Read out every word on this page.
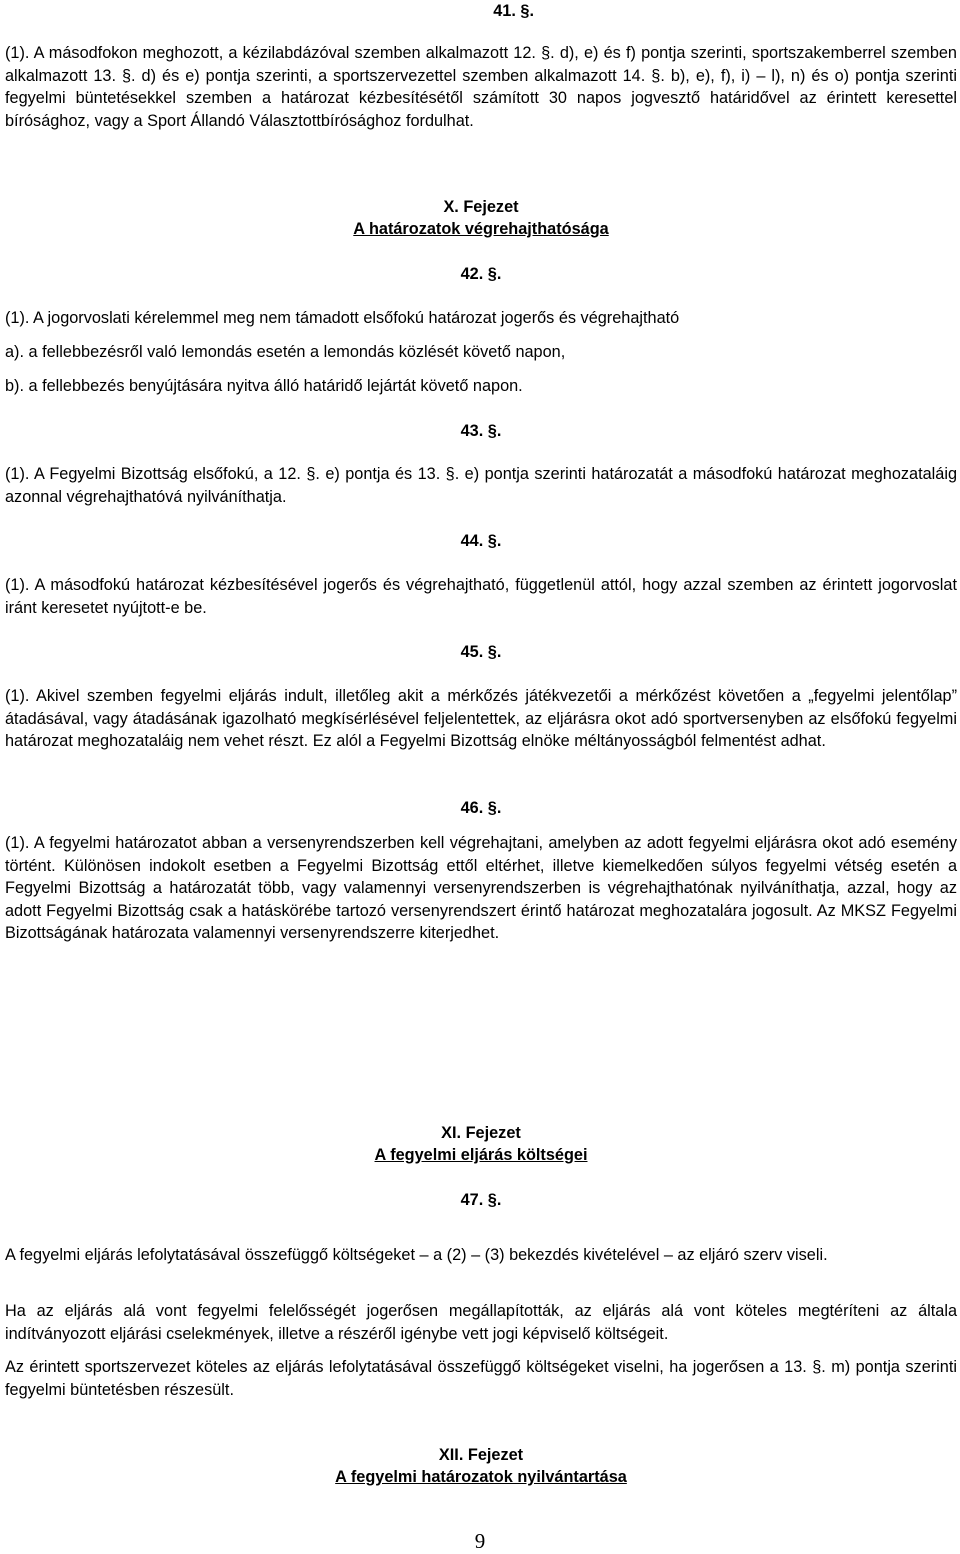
41. §.

(1). A másodfokon meghozott, a kézilabdázóval szemben alkalmazott 12. §. d), e) és f) pontja szerinti, sportszakemberrel szemben alkalmazott 13. §. d) és e) pontja szerinti, a sportszervezettel szemben alkalmazott 14. §. b), e), f), i) – l), n) és o) pontja szerinti fegyelmi büntetésekkel szemben a határozat kézbesítésétől számított 30 napos jogvesztő határidővel az érintett keresettel bírósághoz, vagy a Sport Állandó Választottbírósághoz fordulhat.

X. Fejezet

A határozatok végrehajthatósága

42. §.

(1). A jogorvoslati kérelemmel meg nem támadott elsőfokú határozat jogerős és végrehajtható

a). a fellebbezésről való lemondás esetén a lemondás közlését követő napon,

b). a fellebbezés benyújtására nyitva álló határidő lejártát követő napon.

43. §.

(1). A Fegyelmi Bizottság elsőfokú, a 12. §. e) pontja és 13. §. e) pontja szerinti határozatát a másodfokú határozat meghozataláig azonnal végrehajthatóvá nyilváníthatja.

44. §.

(1). A másodfokú határozat kézbesítésével jogerős és végrehajtható, függetlenül attól, hogy azzal szemben az érintett jogorvoslat iránt keresetet nyújtott-e be.

45. §.

(1). Akivel szemben fegyelmi eljárás indult, illetőleg akit a mérkőzés játékvezetői a mérkőzést követően a „fegyelmi jelentőlap” átadásával, vagy átadásának igazolható megkísérlésével feljelentettek, az eljárásra okot adó sportversenyben az elsőfokú fegyelmi határozat meghozataláig nem vehet részt. Ez alól a Fegyelmi Bizottság elnöke méltányosságból felmentést adhat.

46. §.

(1). A fegyelmi határozatot abban a versenyrendszerben kell végrehajtani, amelyben az adott fegyelmi eljárásra okot adó esemény történt. Különösen indokolt esetben a Fegyelmi Bizottság ettől eltérhet, illetve kiemelkedően súlyos fegyelmi vétség esetén a Fegyelmi Bizottság a határozatát több, vagy valamennyi versenyrendszerben is végrehajthatónak nyilváníthatja, azzal, hogy az adott Fegyelmi Bizottság csak a hatáskörébe tartozó versenyrendszert érintő határozat meghozatalára jogosult. Az MKSZ Fegyelmi Bizottságának határozata valamennyi versenyrendszerre kiterjedhet.

XI. Fejezet

A fegyelmi eljárás költségei

47. §.

A fegyelmi eljárás lefolytatásával összefüggő költségeket – a (2) – (3) bekezdés kivételével – az eljáró szerv viseli.

Ha az eljárás alá vont fegyelmi felelősségét jogerősen megállapították, az eljárás alá vont köteles megtéríteni az általa indítványozott eljárási cselekmények, illetve a részéről igénybe vett jogi képviselő költségeit.

Az érintett sportszervezet köteles az eljárás lefolytatásával összefüggő költségeket viselni, ha jogerősen a 13. §. m) pontja szerinti fegyelmi büntetésben részesült.

XII. Fejezet

A fegyelmi határozatok nyilvántartása

9
